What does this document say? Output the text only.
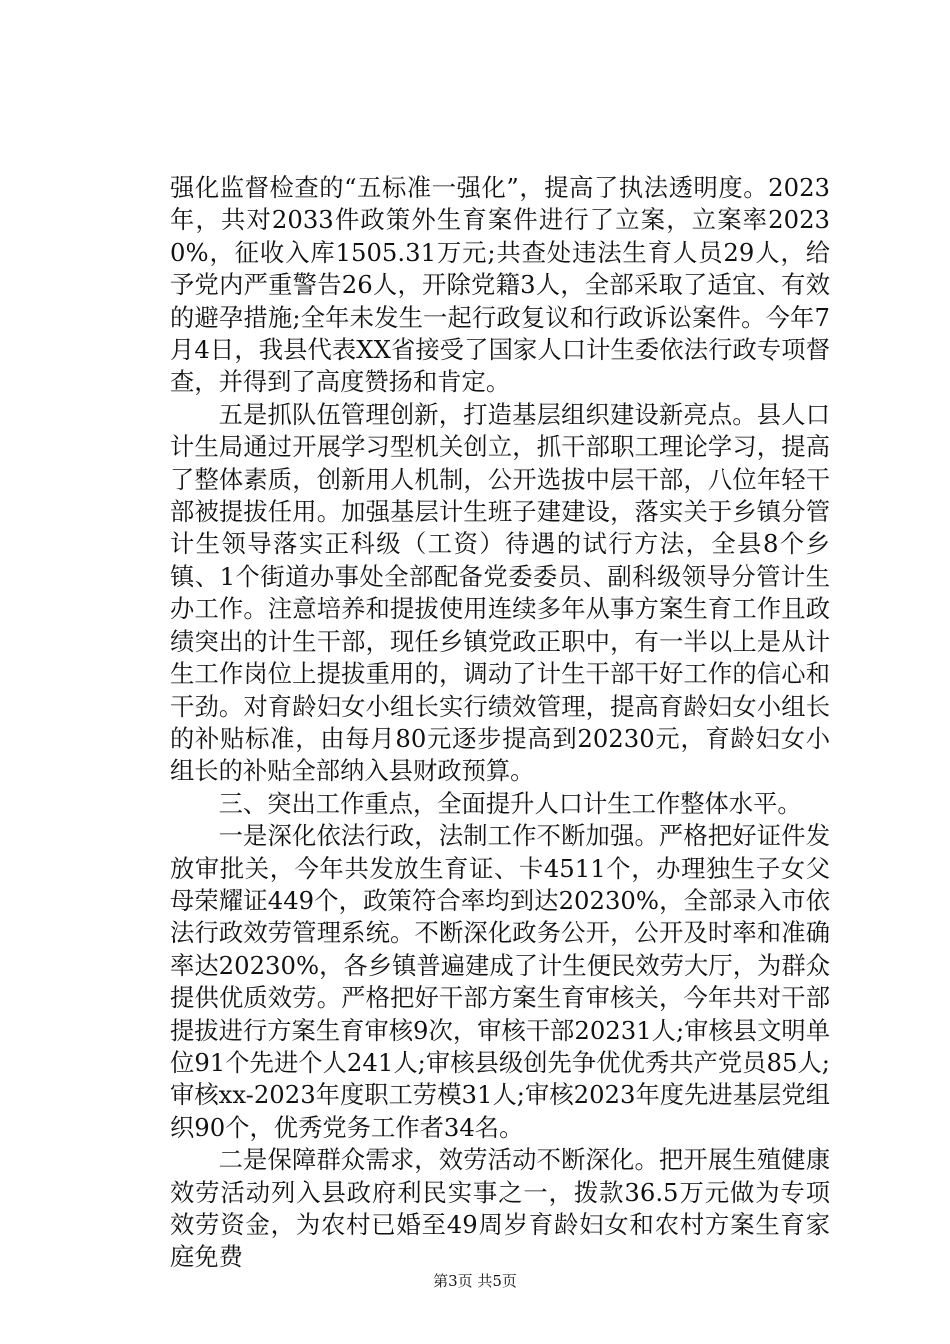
强化监督检查的“五标准一强化”，提高了执法透明度。2023年，共对2033件政策外生育案件进行了立案，立案率20230%，征收入库1505.31万元;共查处违法生育人员29人，给予党内严重警告26人，开除党籍3人，全部采取了适宜、有效的避孕措施;全年未发生一起行政复议和行政诉讼案件。今年7月4日，我县代表XX省接受了国家人口计生委依法行政专项督查，并得到了高度赞扬和肯定。

五是抓队伍管理创新，打造基层组织建设新亮点。县人口计生局通过开展学习型机关创立，抓干部职工理论学习，提高了整体素质，创新用人机制，公开选拔中层干部，八位年轻干部被提拔任用。加强基层计生班子建建设，落实关于乡镇分管计生领导落实正科级（工资）待遇的试行方法，全县8个乡镇、1个街道办事处全部配备党委委员、副科级领导分管计生办工作。注意培养和提拔使用连续多年从事方案生育工作且政绩突出的计生干部，现任乡镇党政正职中，有一半以上是从计生工作岗位上提拔重用的，调动了计生干部干好工作的信心和干劲。对育龄妇女小组长实行绩效管理，提高育龄妇女小组长的补贴标准，由每月80元逐步提高到20230元，育龄妇女小组长的补贴全部纳入县财政预算。

三、突出工作重点，全面提升人口计生工作整体水平。

一是深化依法行政，法制工作不断加强。严格把好证件发放审批关，今年共发放生育证、卡4511个，办理独生子女父母荣耀证449个，政策符合率均到达20230%，全部录入市依法行政效劳管理系统。不断深化政务公开，公开及时率和准确率达20230%，各乡镇普遍建成了计生便民效劳大厅，为群众提供优质效劳。严格把好干部方案生育审核关，今年共对干部提拔进行方案生育审核9次，审核干部20231人;审核县文明单位91个先进个人241人;审核县级创先争优优秀共产党员85人;审核xx-2023年度职工劳模31人;审核2023年度先进基层党组织90个，优秀党务工作者34名。

二是保障群众需求，效劳活动不断深化。把开展生殖健康效劳活动列入县政府利民实事之一，拨款36.5万元做为专项效劳资金，为农村已婚至49周岁育龄妇女和农村方案生育家庭免费

第3页 共5页
